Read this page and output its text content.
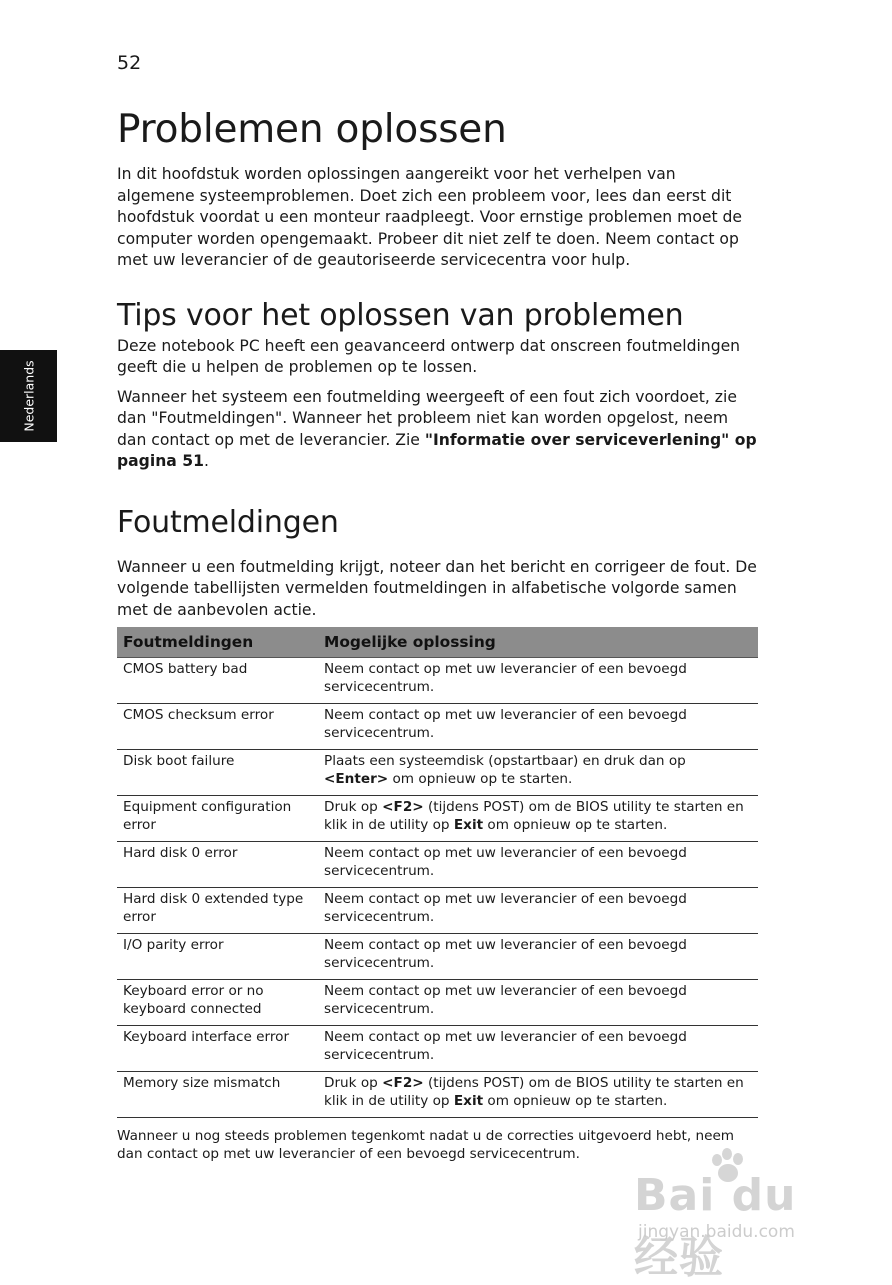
52
Nederlands
Problemen oplossen

In dit hoofdstuk worden oplossingen aangereikt voor het verhelpen van algemene systeemproblemen. Doet zich een probleem voor, lees dan eerst dit hoofdstuk voordat u een monteur raadpleegt. Voor ernstige problemen moet de computer worden opengemaakt. Probeer dit niet zelf te doen. Neem contact op met uw leverancier of de geautoriseerde servicecentra voor hulp.

Tips voor het oplossen van problemen

Deze notebook PC heeft een geavanceerd ontwerp dat onscreen foutmeldingen geeft die u helpen de problemen op te lossen.

Wanneer het systeem een foutmelding weergeeft of een fout zich voordoet, zie dan "Foutmeldingen". Wanneer het probleem niet kan worden opgelost, neem dan contact op met de leverancier. Zie "Informatie over serviceverlening" op pagina 51.

Foutmeldingen

Wanneer u een foutmelding krijgt, noteer dan het bericht en corrigeer de fout. De volgende tabellijsten vermelden foutmeldingen in alfabetische volgorde samen met de aanbevolen actie.

Foutmeldingen	Mogelijke oplossing
CMOS battery bad	Neem contact op met uw leverancier of een bevoegd servicecentrum.
CMOS checksum error	Neem contact op met uw leverancier of een bevoegd servicecentrum.
Disk boot failure	Plaats een systeemdisk (opstartbaar) en druk dan op <Enter> om opnieuw op te starten.
Equipment configuration error	Druk op <F2> (tijdens POST) om de BIOS utility te starten en klik in de utility op Exit om opnieuw op te starten.
Hard disk 0 error	Neem contact op met uw leverancier of een bevoegd servicecentrum.
Hard disk 0 extended type error	Neem contact op met uw leverancier of een bevoegd servicecentrum.
I/O parity error	Neem contact op met uw leverancier of een bevoegd servicecentrum.
Keyboard error or no keyboard connected	Neem contact op met uw leverancier of een bevoegd servicecentrum.
Keyboard interface error	Neem contact op met uw leverancier of een bevoegd servicecentrum.
Memory size mismatch	Druk op <F2> (tijdens POST) om de BIOS utility te starten en klik in de utility op Exit om opnieuw op te starten.

Wanneer u nog steeds problemen tegenkomt nadat u de correcties uitgevoerd hebt, neem dan contact op met uw leverancier of een bevoegd servicecentrum.

Bai du 经验
jingyan.baidu.com
